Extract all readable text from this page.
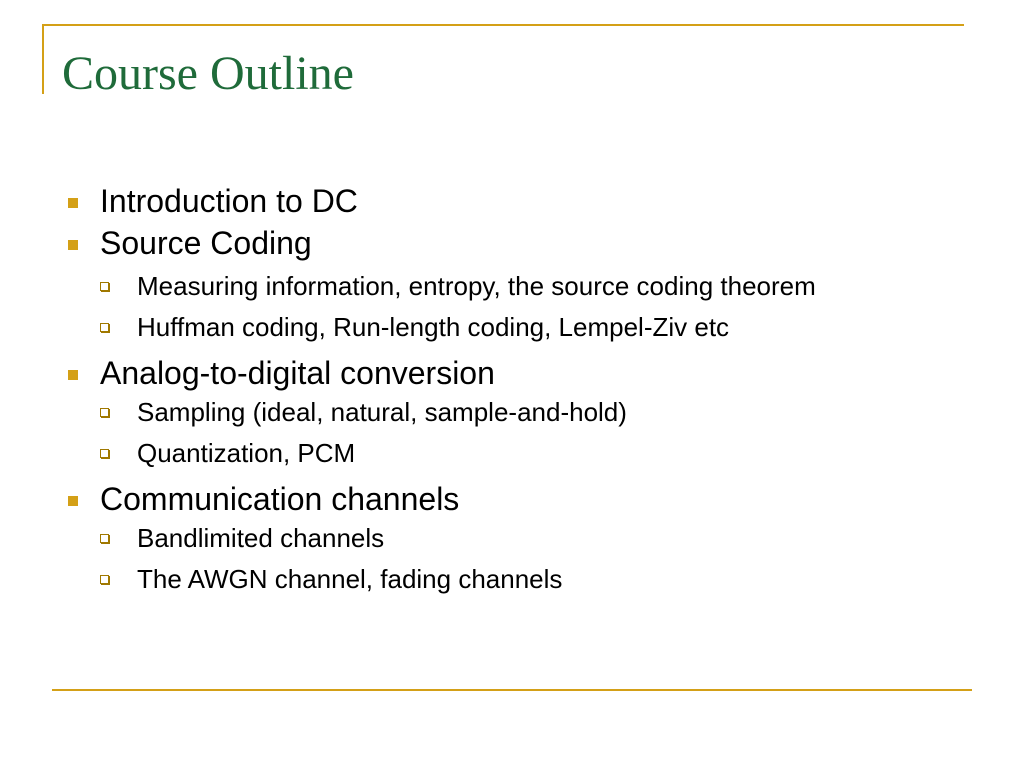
Course Outline
Introduction to DC
Source Coding
Measuring information, entropy, the source coding theorem
Huffman coding, Run-length coding, Lempel-Ziv etc
Analog-to-digital conversion
Sampling (ideal, natural, sample-and-hold)
Quantization, PCM
Communication channels
Bandlimited channels
The AWGN channel, fading channels
